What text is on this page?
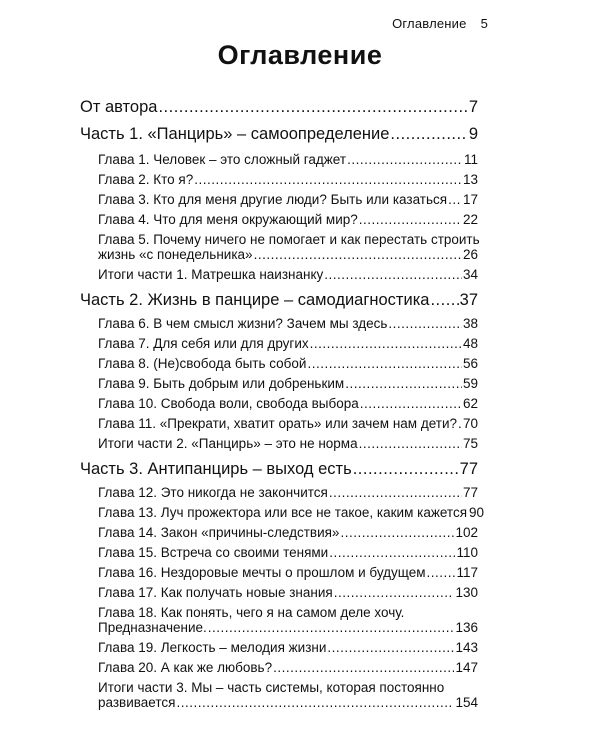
Оглавление 5
Оглавление
От автора .....	7
Часть 1. «Панцирь» – самоопределение .....	9
Глава 1. Человек – это сложный гаджет .....	11
Глава 2. Кто я? .....	13
Глава 3. Кто для меня другие люди? Быть или казаться ..... 17
Глава 4. Что для меня окружающий мир? .....	22
Глава 5. Почему ничего не помогает и как перестать строить
жизнь «с понедельника» .....	26
Итоги части 1. Матрешка наизнанку .....	34
Часть 2. Жизнь в панцире – самодиагностика ..... 37
Глава 6. В чем смысл жизни? Зачем мы здесь .....	38
Глава 7. Для себя или для других .....	48
Глава 8. (Не)свобода быть собой .....	56
Глава 9. Быть добрым или добреньким .....	59
Глава 10. Свобода воли, свобода выбора .....	62
Глава 11. «Прекрати, хватит орать» или зачем нам дети? ..... 70
Итоги части 2. «Панцирь» – это не норма .....	75
Часть 3. Антипанцирь – выход есть .....	77
Глава 12. Это никогда не закончится .....	77
Глава 13. Луч прожектора или все не такое, каким кажется 90
Глава 14. Закон «причины-следствия» .....	102
Глава 15. Встреча со своими тенями .....	110
Глава 16. Нездоровые мечты о прошлом и будущем ..... 117
Глава 17. Как получать новые знания .....	130
Глава 18. Как понять, чего я на самом деле хочу.
Предназначение. .....	136
Глава 19. Легкость – мелодия жизни .....	143
Глава 20. А как же любовь? .....	147
Итоги части 3. Мы – часть системы, которая постоянно
развивается .....	154
